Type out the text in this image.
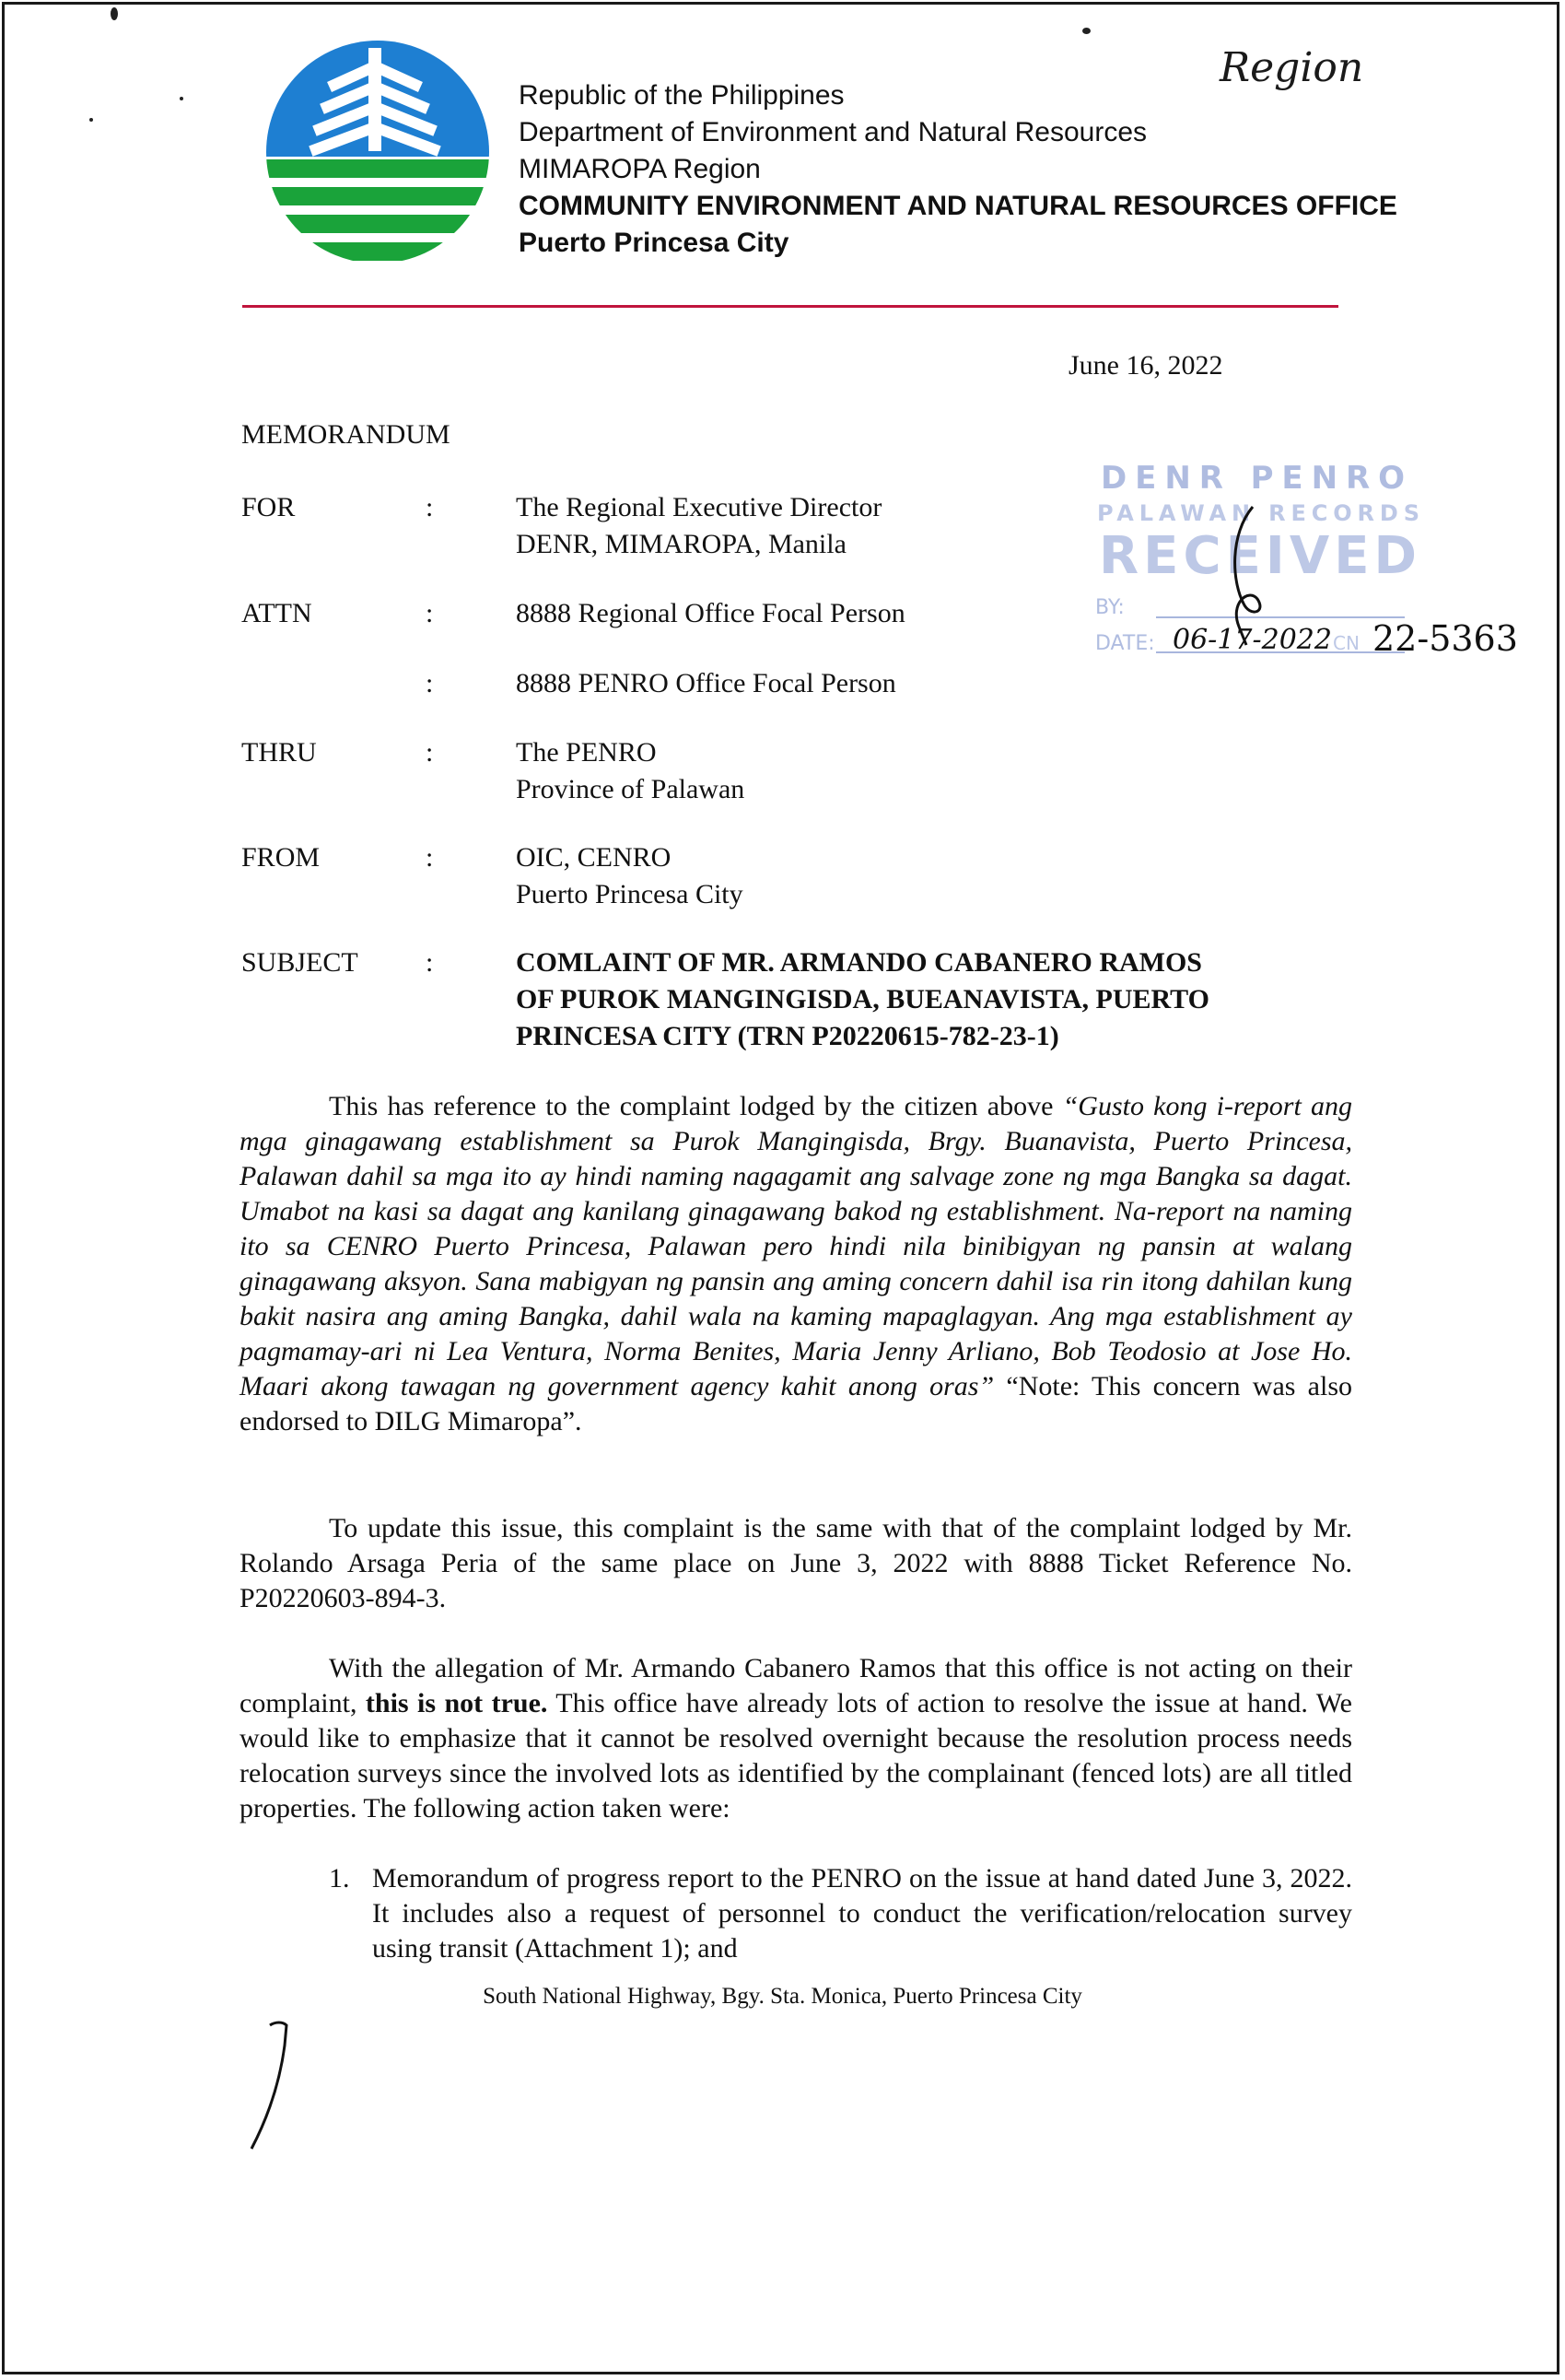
Republic of the Philippines
Department of Environment and Natural Resources
MIMAROPA Region
COMMUNITY ENVIRONMENT AND NATURAL RESOURCES OFFICE
Puerto Princesa City
Region
June 16, 2022
MEMORANDUM
FOR	:	The Regional Executive Director
DENR, MIMAROPA, Manila
ATTN	:	8888 Regional Office Focal Person
:	8888 PENRO Office Focal Person
THRU	:	The PENRO
Province of Palawan
FROM	:	OIC, CENRO
Puerto Princesa City
SUBJECT	:	COMLAINT OF MR. ARMANDO CABANERO RAMOS
OF PUROK MANGINGISDA, BUEANAVISTA, PUERTO
PRINCESA CITY (TRN P20220615-782-23-1)
DENR PENRO
PALAWAN RECORDS
RECEIVED
BY:
DATE:	CN
06-17-2022 22-5363

This has reference to the complaint lodged by the citizen above “Gusto kong i-report ang mga ginagawang establishment sa Purok Mangingisda, Brgy. Buanavista, Puerto Princesa, Palawan dahil sa mga ito ay hindi naming nagagamit ang salvage zone ng mga Bangka sa dagat. Umabot na kasi sa dagat ang kanilang ginagawang bakod ng establishment. Na-report na naming ito sa CENRO Puerto Princesa, Palawan pero hindi nila binibigyan ng pansin at walang ginagawang aksyon. Sana mabigyan ng pansin ang aming concern dahil isa rin itong dahilan kung bakit nasira ang aming Bangka, dahil wala na kaming mapaglagyan. Ang mga establishment ay pagmamay-ari ni Lea Ventura, Norma Benites, Maria Jenny Arliano, Bob Teodosio at Jose Ho. Maari akong tawagan ng government agency kahit anong oras” “Note: This concern was also endorsed to DILG Mimaropa”.

To update this issue, this complaint is the same with that of the complaint lodged by Mr. Rolando Arsaga Peria of the same place on June 3, 2022 with 8888 Ticket Reference No. P20220603-894-3.

With the allegation of Mr. Armando Cabanero Ramos that this office is not acting on their complaint, this is not true. This office have already lots of action to resolve the issue at hand. We would like to emphasize that it cannot be resolved overnight because the resolution process needs relocation surveys since the involved lots as identified by the complainant (fenced lots) are all titled properties. The following action taken were:

1. Memorandum of progress report to the PENRO on the issue at hand dated June 3, 2022. It includes also a request of personnel to conduct the verification/relocation survey using transit (Attachment 1); and
South National Highway, Bgy. Sta. Monica, Puerto Princesa City
